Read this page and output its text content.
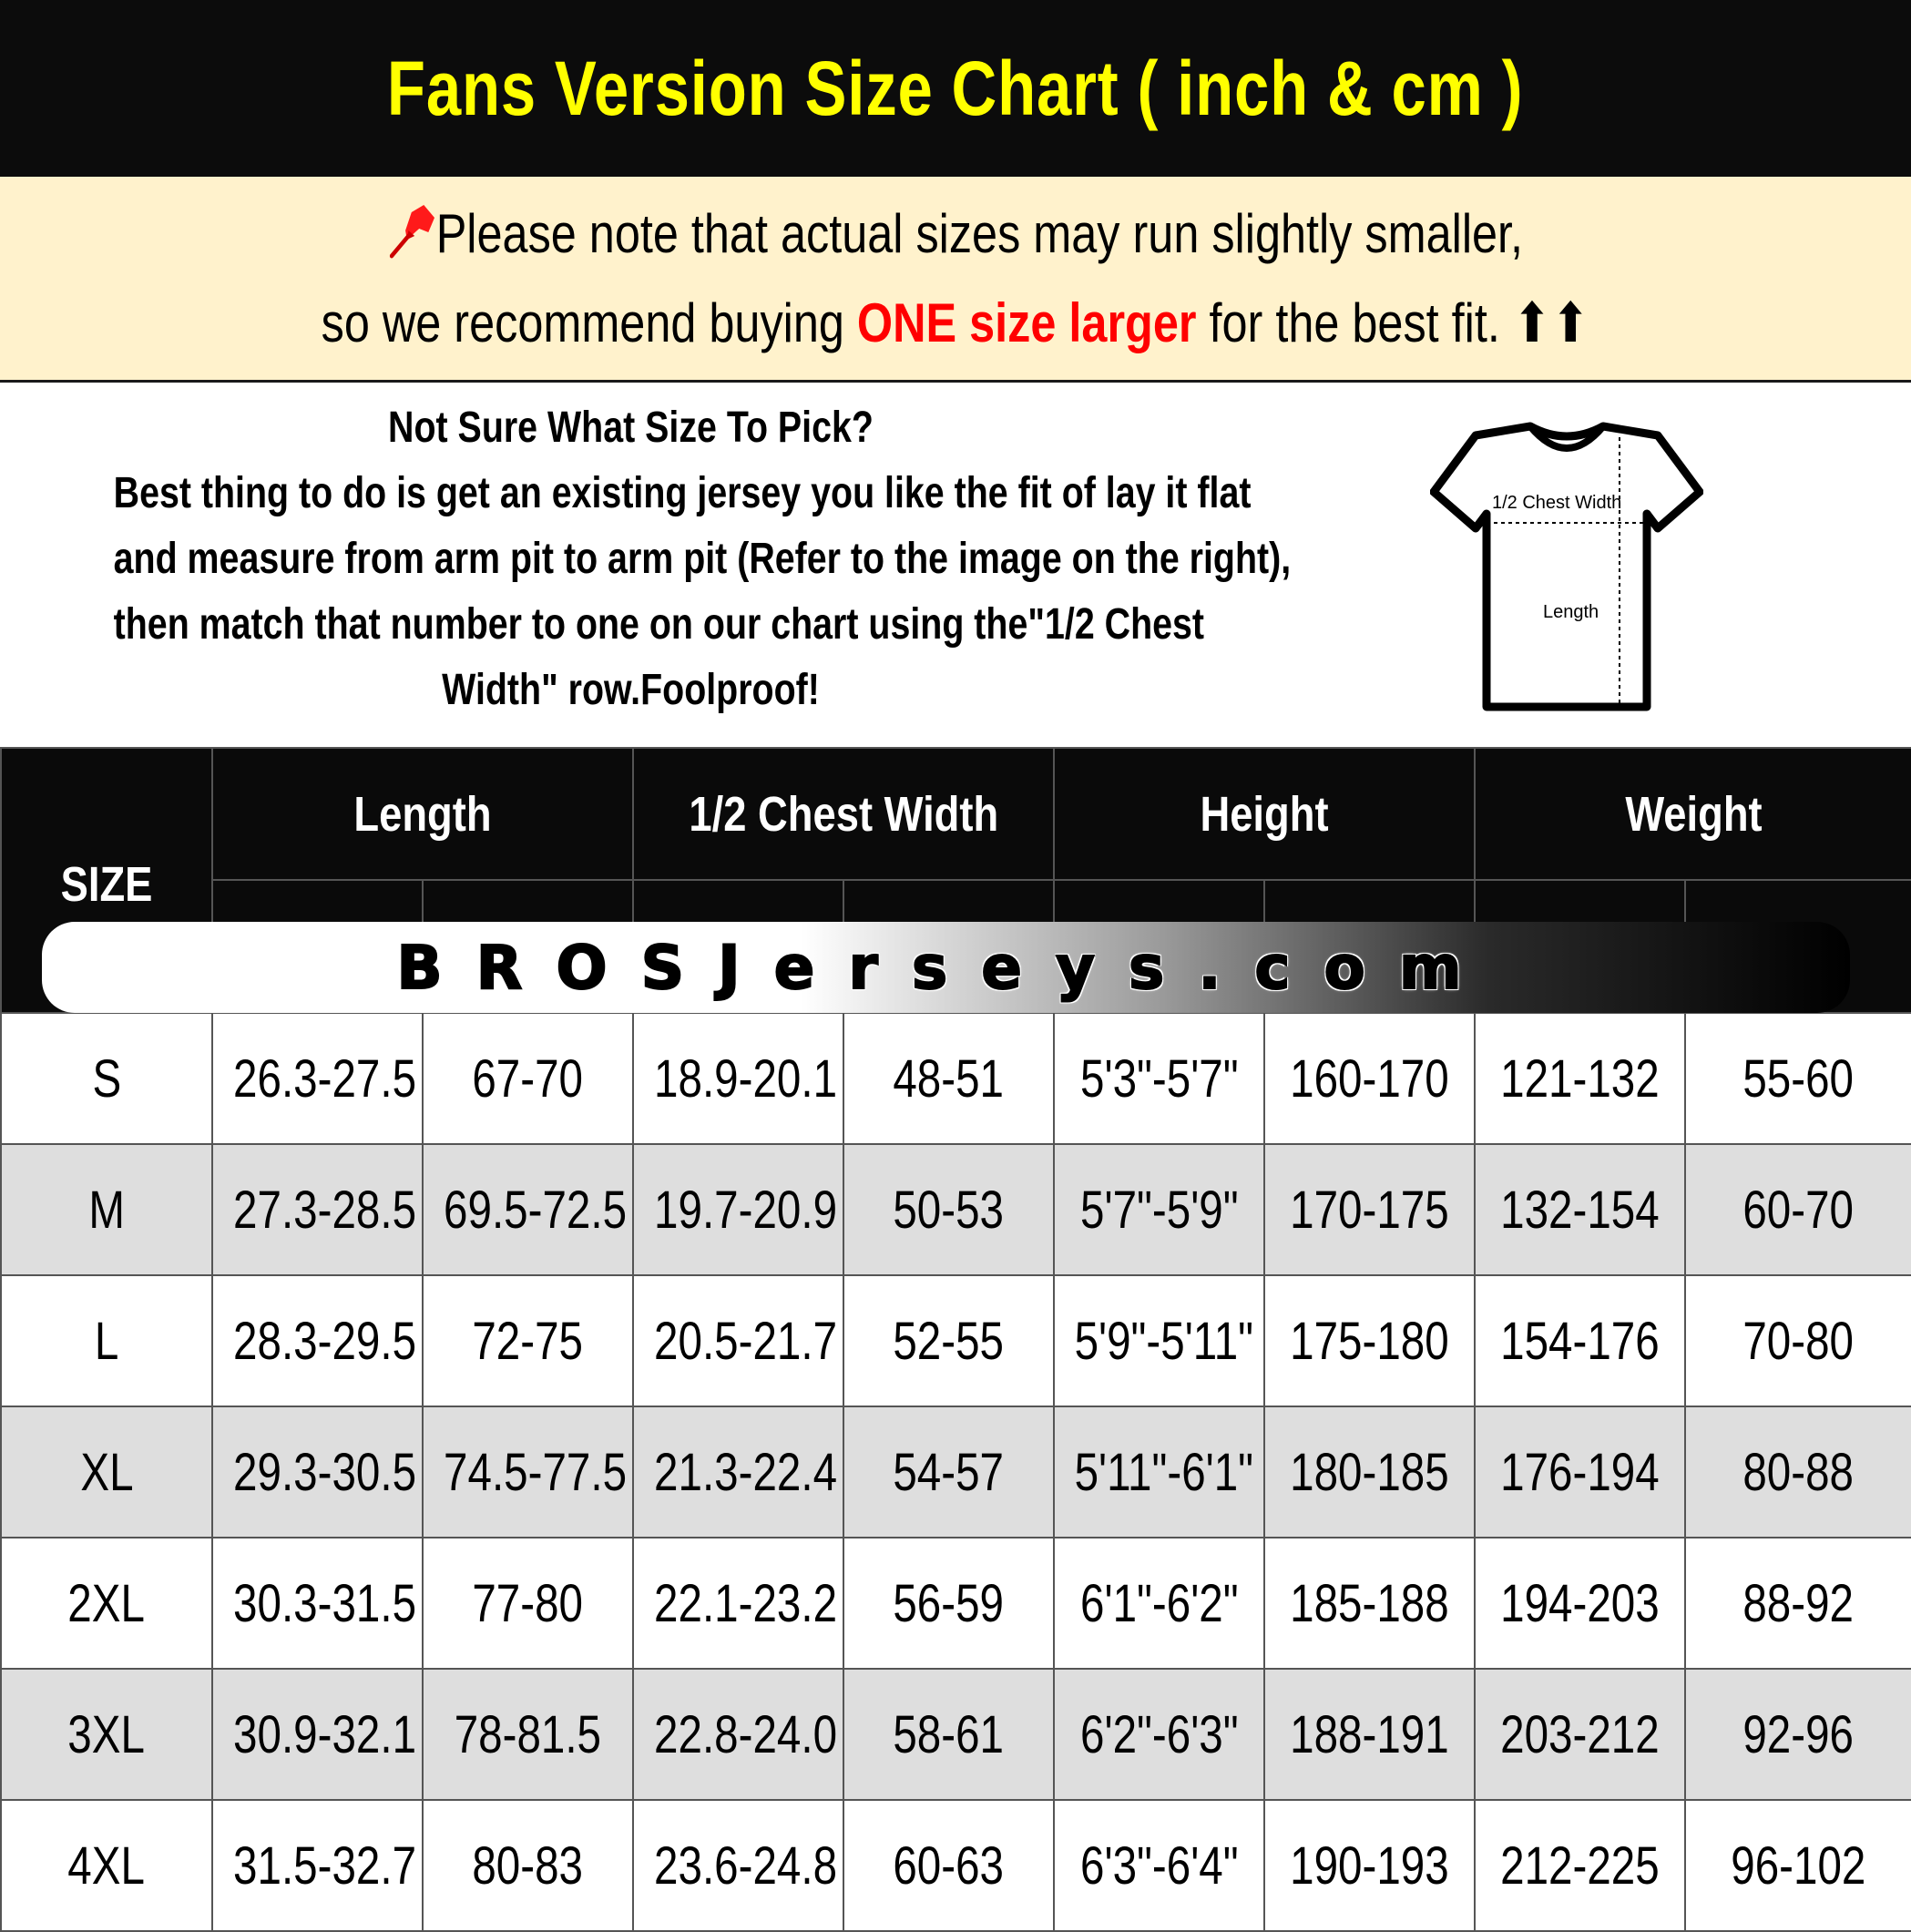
Fans Version Size Chart ( inch & cm )
Please note that actual sizes may run slightly smaller,
so we recommend buying ONE size larger for the best fit. ⬆⬆
Not Sure What Size To Pick?
Best thing to do is get an existing jersey you like the fit of lay it flat
and measure from arm pit to arm pit (Refer to the image on the right),
then match that number to one on our chart using the"1/2 Chest
Width" row.Foolproof!
1/2 Chest Width
Length
SIZE	Length		1/2 Chest Width		Height		Weight	

S	26.3-27.5	67-70	18.9-20.1	48-51	5'3"-5'7"	160-170	121-132	55-60
M	27.3-28.5	69.5-72.5	19.7-20.9	50-53	5'7"-5'9"	170-175	132-154	60-70
L	28.3-29.5	72-75	20.5-21.7	52-55	5'9"-5'11"	175-180	154-176	70-80
XL	29.3-30.5	74.5-77.5	21.3-22.4	54-57	5'11"-6'1"	180-185	176-194	80-88
2XL	30.3-31.5	77-80	22.1-23.2	56-59	6'1"-6'2"	185-188	194-203	88-92
3XL	30.9-32.1	78-81.5	22.8-24.0	58-61	6'2"-6'3"	188-191	203-212	92-96
4XL	31.5-32.7	80-83	23.6-24.8	60-63	6'3"-6'4"	190-193	212-225	96-102
BROSJerseys.com
